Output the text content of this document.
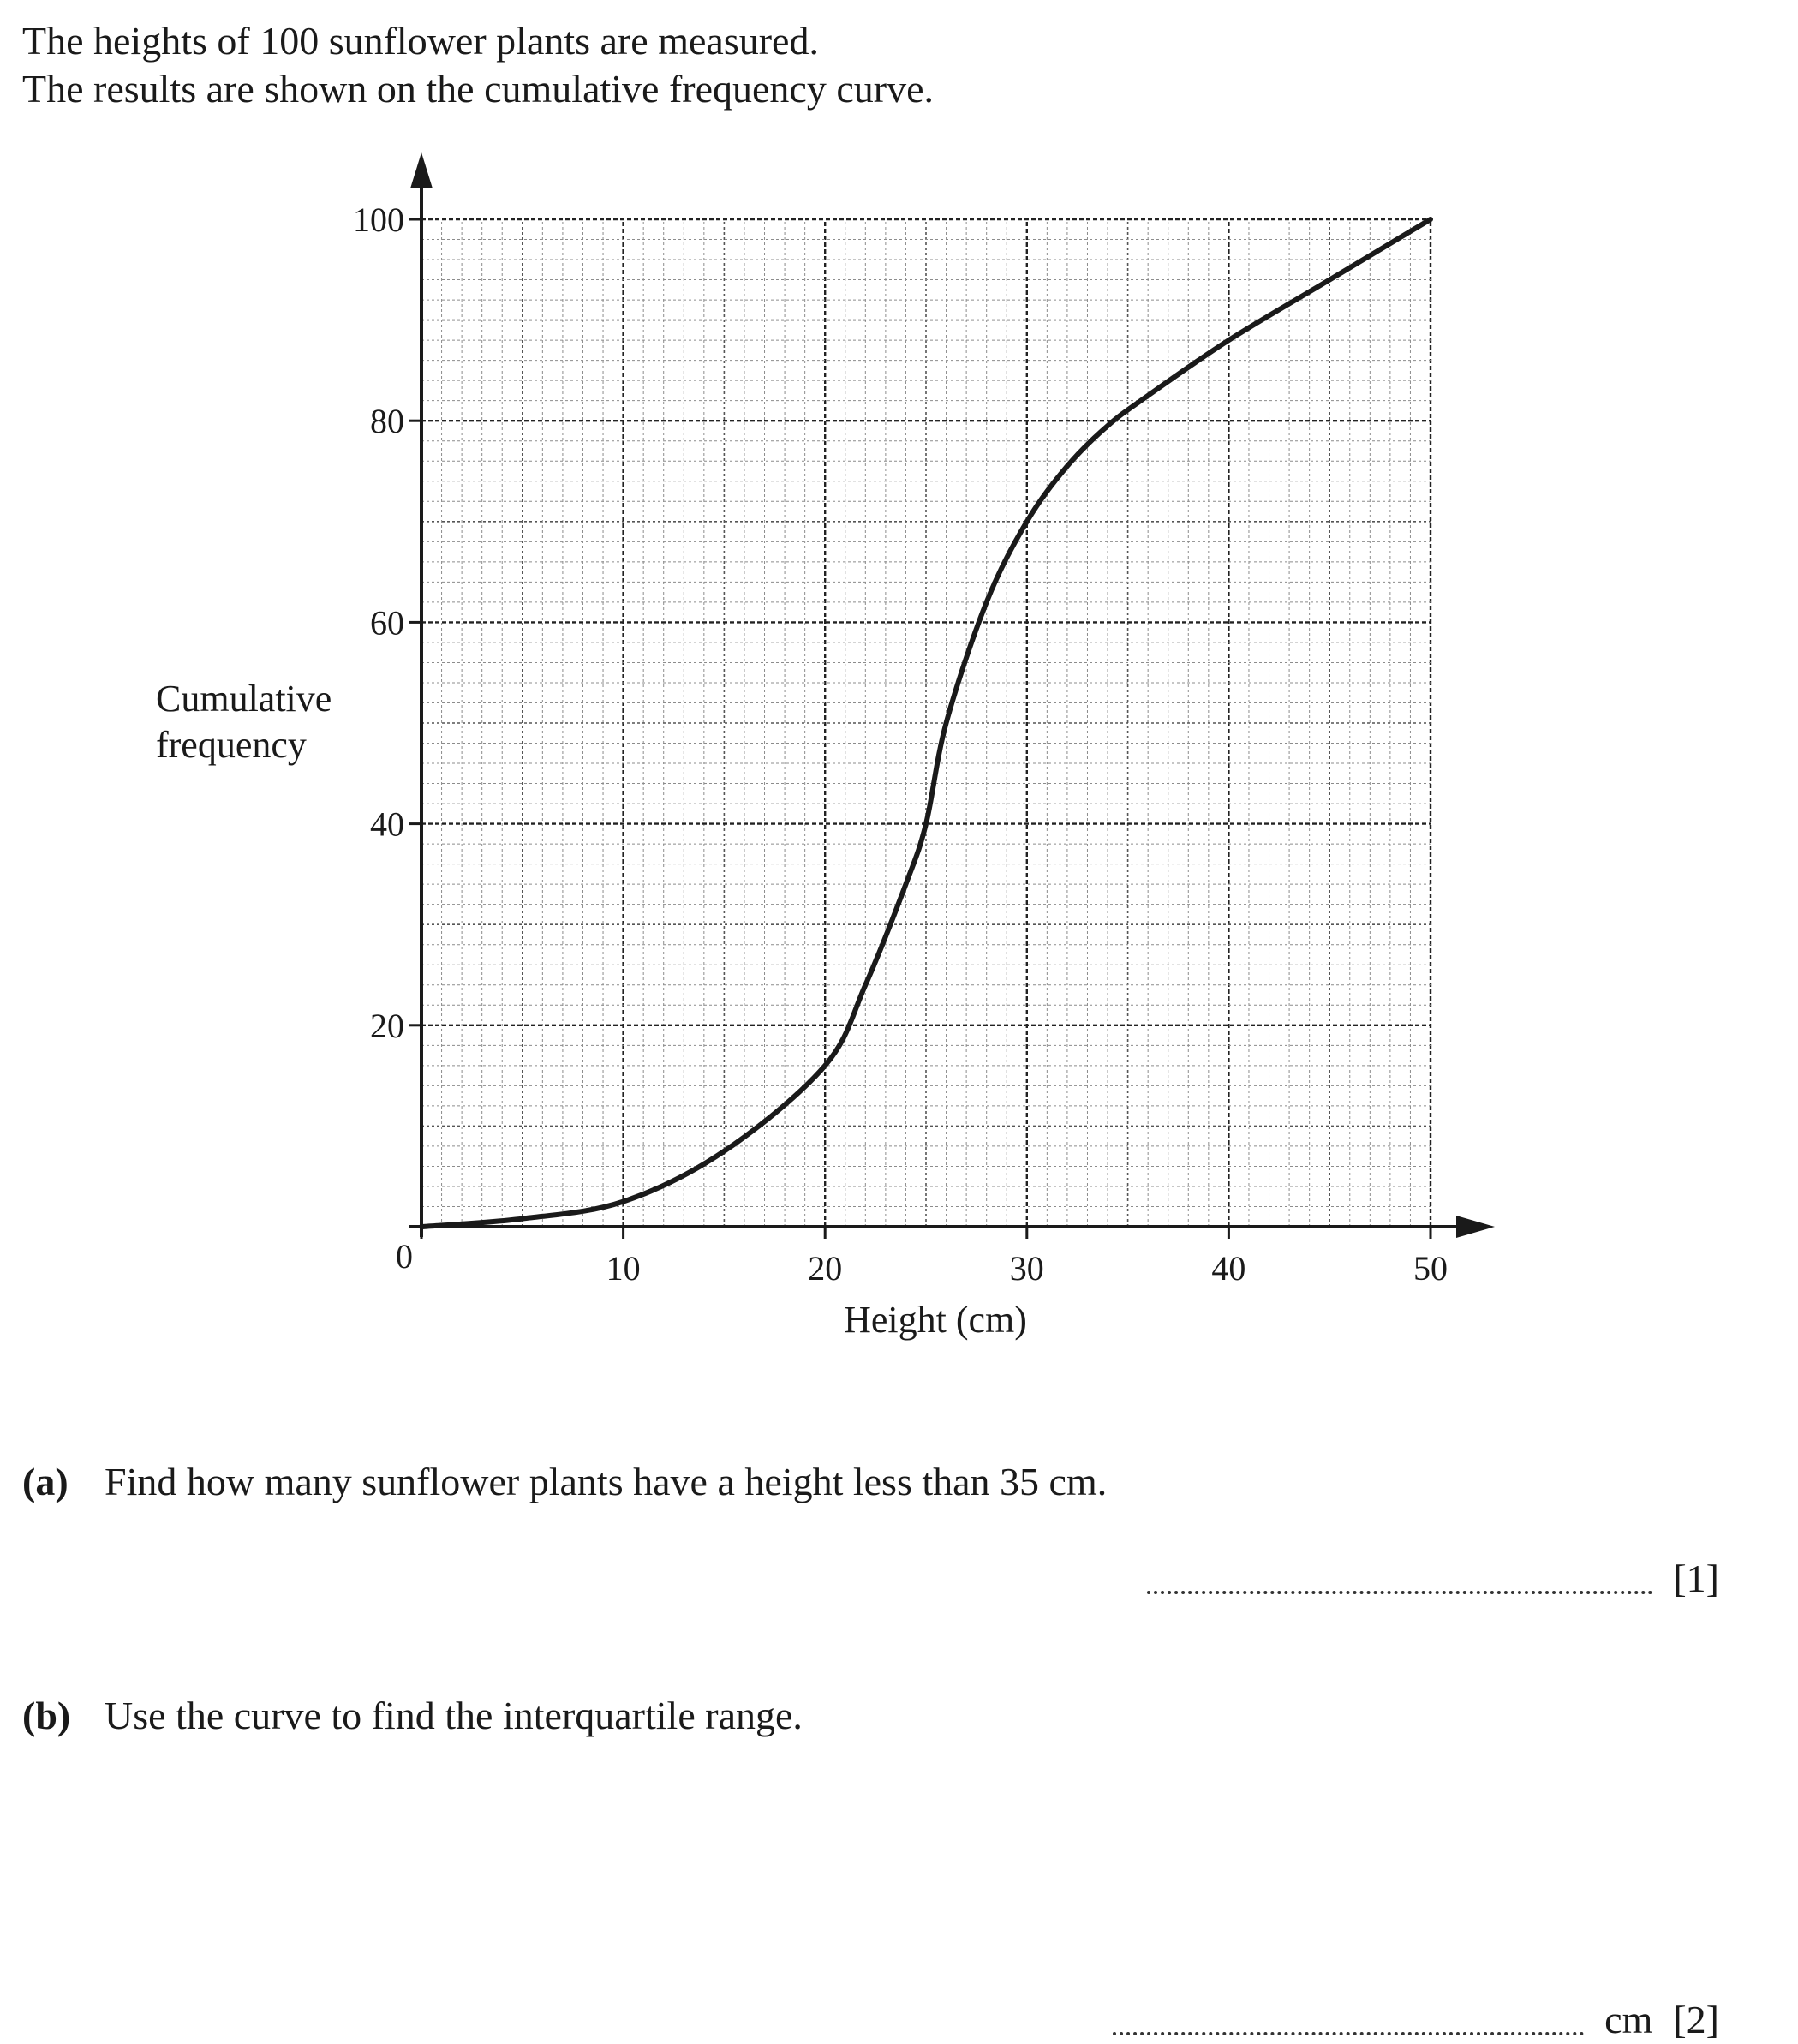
The heights of 100 sunflower plants are measured.
The results are shown on the cumulative frequency curve.
20
40
60
80
100
10	20	30	40	50
0
Height (cm)
Cumulative
frequency
(a) Find how many sunflower plants have a height less than 35 cm.
[1]
(b) Use the curve to find the interquartile range.
cm [2]
